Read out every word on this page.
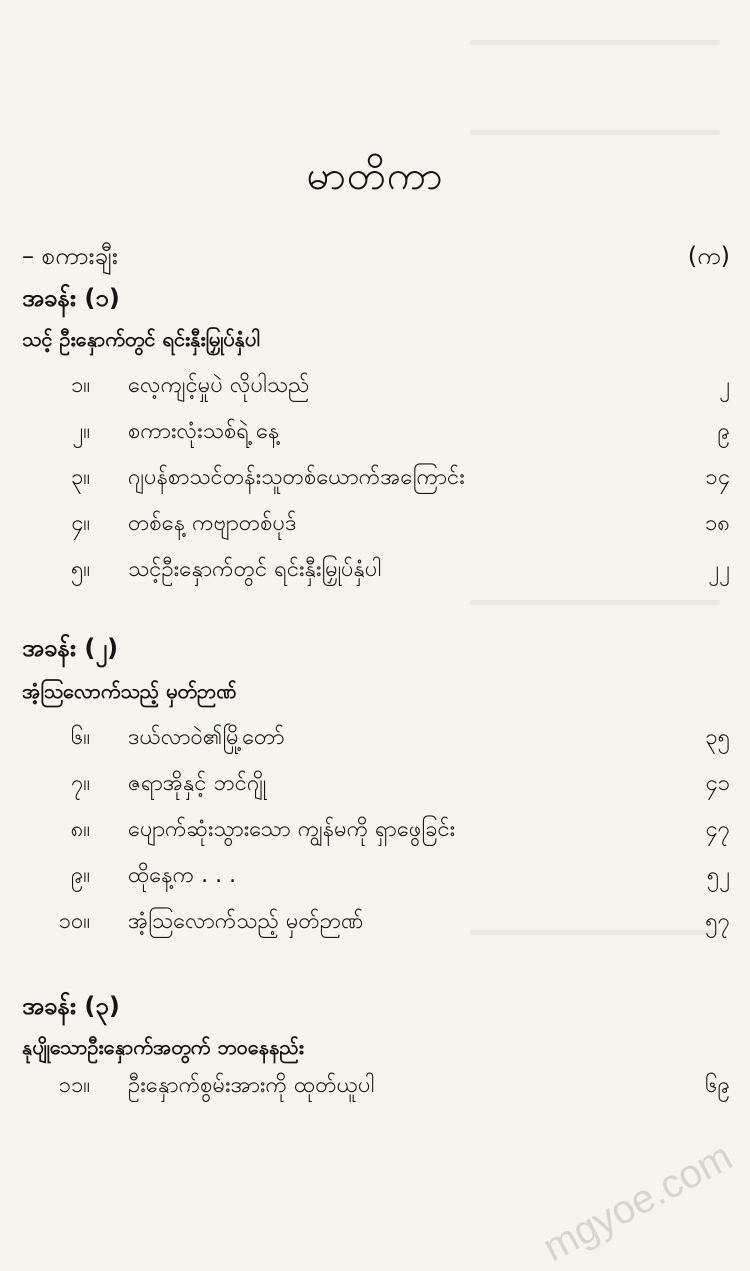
မာတိကာ
– စကားချီး	(က)
အခန်း (၁)
သင့် ဦးနှောက်တွင် ရင်းနှီးမြှုပ်နှံပါ
၁။ လေ့ကျင့်မှုပဲ လိုပါသည်	၂
၂။ စကားလုံးသစ်ရဲ့ နေ့	၉
၃။ ဂျပန်စာသင်တန်းသူတစ်ယောက်အကြောင်း	၁၄
၄။ တစ်နေ့ ကဗျာတစ်ပုဒ်	၁၈
၅။ သင့်ဦးနှောက်တွင် ရင်းနှီးမြှုပ်နှံပါ	၂၂
အခန်း (၂)
အံ့သြလောက်သည့် မှတ်ဉာဏ်
၆။ ဒယ်လာဝဲ၏မြို့တော်	၃၅
၇။ ဇရာအိုနှင့် ဘင်ဂျို	၄၁
၈။ ပျောက်ဆုံးသွားသော ကျွန်မကို ရှာဖွေခြင်း	၄၇
၉။ ထိုနေ့က . . .	၅၂
၁၀။ အံ့သြလောက်သည့် မှတ်ဉာဏ်	၅၇
အခန်း (၃)
နုပျိုသောဦးနှောက်အတွက် ဘဝနေနည်း
၁၁။ ဦးနှောက်စွမ်းအားကို ထုတ်ယူပါ	၆၉
mgyoe.com
